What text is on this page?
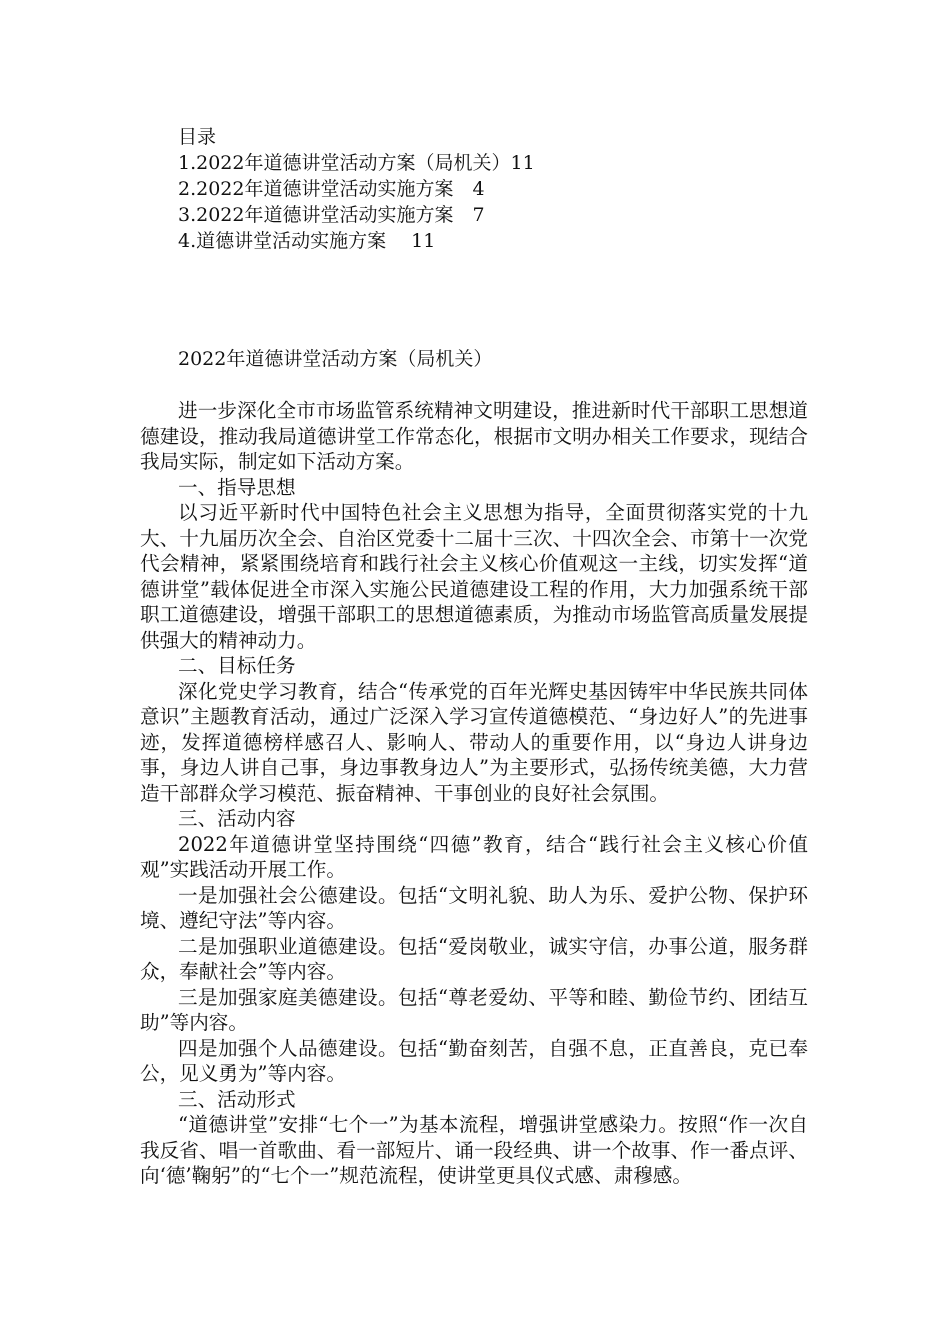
目录
1.2022年道德讲堂活动方案（局机关）11
2.2022年道德讲堂活动实施方案　4
3.2022年道德讲堂活动实施方案　7
4.道德讲堂活动实施方案　 11
2022年道德讲堂活动方案（局机关）

进一步深化全市市场监管系统精神文明建设，推进新时代干部职工思想道德建设，推动我局道德讲堂工作常态化，根据市文明办相关工作要求，现结合我局实际，制定如下活动方案。

一、指导思想

以习近平新时代中国特色社会主义思想为指导，全面贯彻落实党的十九大、十九届历次全会、自治区党委十二届十三次、十四次全会、市第十一次党代会精神，紧紧围绕培育和践行社会主义核心价值观这一主线，切实发挥“道德讲堂”载体促进全市深入实施公民道德建设工程的作用，大力加强系统干部职工道德建设，增强干部职工的思想道德素质，为推动市场监管高质量发展提供强大的精神动力。

二、目标任务

深化党史学习教育，结合“传承党的百年光辉史基因铸牢中华民族共同体意识”主题教育活动，通过广泛深入学习宣传道德模范、“身边好人”的先进事迹，发挥道德榜样感召人、影响人、带动人的重要作用，以“身边人讲身边事，身边人讲自己事，身边事教身边人”为主要形式，弘扬传统美德，大力营造干部群众学习模范、振奋精神、干事创业的良好社会氛围。

三、活动内容

2022年道德讲堂坚持围绕“四德”教育，结合“践行社会主义核心价值观”实践活动开展工作。

一是加强社会公德建设。包括“文明礼貌、助人为乐、爱护公物、保护环境、遵纪守法”等内容。

二是加强职业道德建设。包括“爱岗敬业，诚实守信，办事公道，服务群众，奉献社会”等内容。

三是加强家庭美德建设。包括“尊老爱幼、平等和睦、勤俭节约、团结互助”等内容。

四是加强个人品德建设。包括“勤奋刻苦，自强不息，正直善良，克已奉公，见义勇为”等内容。

三、活动形式

“道德讲堂”安排“七个一”为基本流程，增强讲堂感染力。按照“作一次自我反省、唱一首歌曲、看一部短片、诵一段经典、讲一个故事、作一番点评、向‘德’鞠躬”的“七个一”规范流程，使讲堂更具仪式感、肃穆感。
